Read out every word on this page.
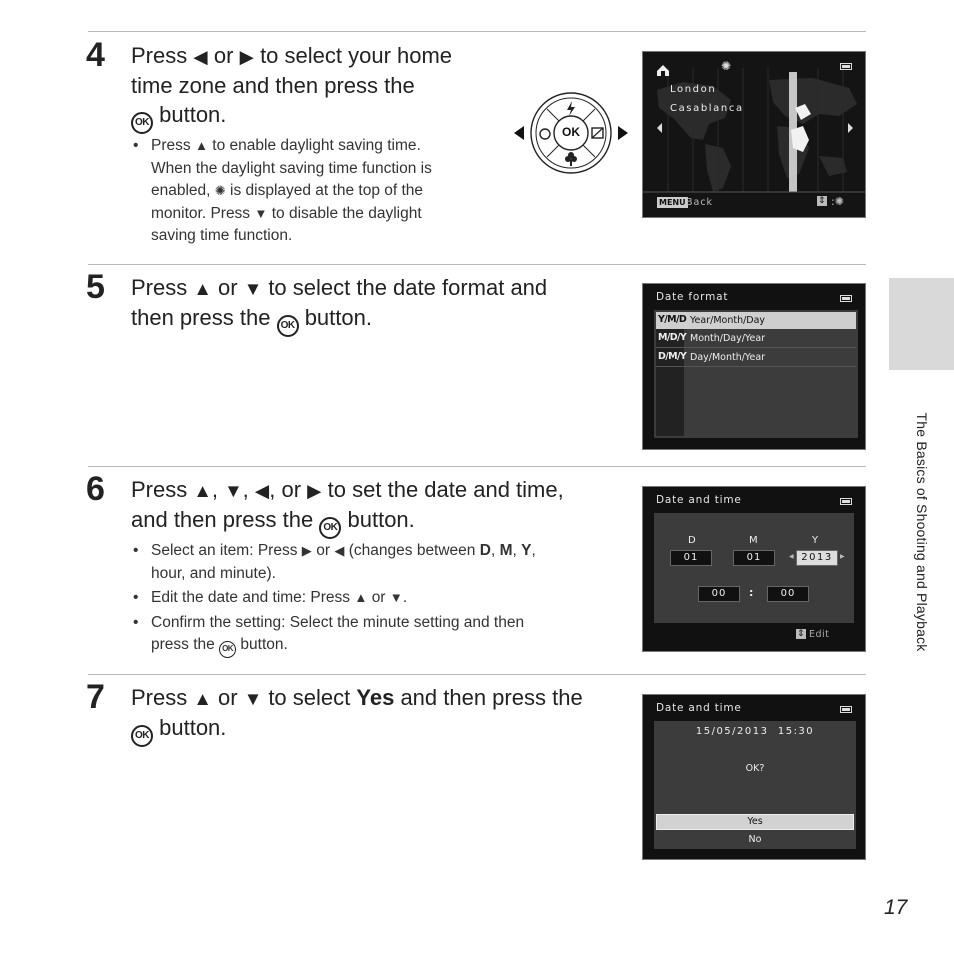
4 Press ◀ or ▶ to select your home
time zone and then press the
OK button.
• Press ▲ to enable daylight saving time.
When the daylight saving time function is
enabled, ✺ is displayed at the top of the
monitor. Press ▼ to disable the daylight
saving time function.
OK
✺
London
Casablanca
MENU Back	⇕ :✺
5 Press ▲ or ▼ to select the date format and
then press the OK button.
Date format
Y/M/D Year/Month/Day
M/D/Y Month/Day/Year
D/M/Y Day/Month/Year
6 Press ▲, ▼, ◀, or ▶ to set the date and time,
and then press the OK button.
• Select an item: Press ▶ or ◀ (changes between D, M, Y,
hour, and minute).
• Edit the date and time: Press ▲ or ▼.
• Confirm the setting: Select the minute setting and then
press the OK button.
Date and time
D	M	Y
01	01	◀ 2013	▶
00	:	00
⇕ Edit
7 Press ▲ or ▼ to select Yes and then press the
OK button.
Date and time
15/05/2013  15:30
OK?
Yes
No
The Basics of Shooting and Playback
17
